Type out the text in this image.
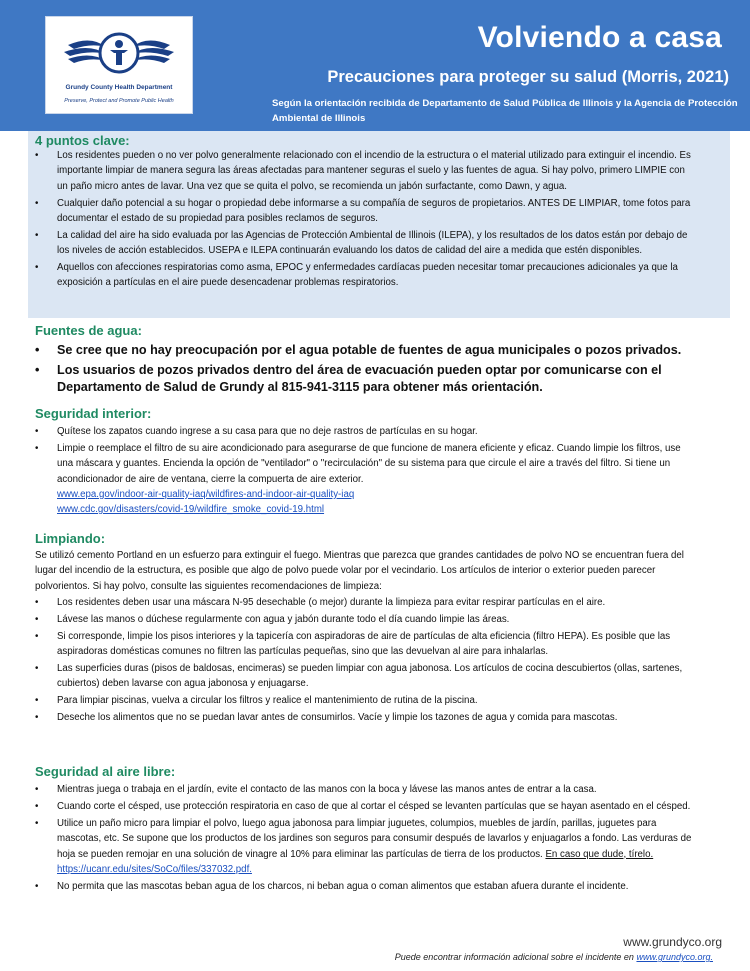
Grundy County Health Department
Preserve, Protect and Promote Public Health
Volviendo a casa
Precauciones para proteger su salud (Morris, 2021)
Según la orientación recibida de Departamento de Salud Pública de Illinois y la Agencia de Protección Ambiental de Illinois
4 puntos clave:
• Los residentes pueden o no ver polvo generalmente relacionado con el incendio de la estructura o el material utilizado para extinguir el incendio. Es importante limpiar de manera segura las áreas afectadas para mantener seguras el suelo y las fuentes de agua. Si hay polvo, primero LIMPIE con un paño micro antes de lavar. Una vez que se quita el polvo, se recomienda un jabón surfactante, como Dawn, y agua.
• Cualquier daño potencial a su hogar o propiedad debe informarse a su compañía de seguros de propietarios. ANTES DE LIMPIAR, tome fotos para documentar el estado de su propiedad para posibles reclamos de seguros.
• La calidad del aire ha sido evaluada por las Agencias de Protección Ambiental de Illinois (ILEPA), y los resultados de los datos están por debajo de los niveles de acción establecidos. USEPA e ILEPA continuarán evaluando los datos de calidad del aire a medida que estén disponibles.
• Aquellos con afecciones respiratorias como asma, EPOC y enfermedades cardíacas pueden necesitar tomar precauciones adicionales ya que la exposición a partículas en el aire puede desencadenar problemas respiratorios.
Fuentes de agua:
• Se cree que no hay preocupación por el agua potable de fuentes de agua municipales o pozos privados.
• Los usuarios de pozos privados dentro del área de evacuación pueden optar por comunicarse con el Departamento de Salud de Grundy al 815-941-3115 para obtener más orientación.
Seguridad interior:
• Quítese los zapatos cuando ingrese a su casa para que no deje rastros de partículas en su hogar.
• Limpie o reemplace el filtro de su aire acondicionado para asegurarse de que funcione de manera eficiente y eficaz. Cuando limpie los filtros, use una máscara y guantes. Encienda la opción de "ventilador" o "recirculación" de su sistema para que circule el aire a través del filtro. Si tiene un acondicionador de aire de ventana, cierre la compuerta de aire exterior.
www.epa.gov/indoor-air-quality-iaq/wildfires-and-indoor-air-quality-iaq
www.cdc.gov/disasters/covid-19/wildfire_smoke_covid-19.html
Limpiando:

Se utilizó cemento Portland en un esfuerzo para extinguir el fuego. Mientras que parezca que grandes cantidades de polvo NO se encuentran fuera del lugar del incendio de la estructura, es posible que algo de polvo puede volar por el vecindario. Los artículos de interior o exterior pueden parecer polvorientos. Si hay polvo, consulte las siguientes recomendaciones de limpieza:

• Los residentes deben usar una máscara N-95 desechable (o mejor) durante la limpieza para evitar respirar partículas en el aire.
• Lávese las manos o dúchese regularmente con agua y jabón durante todo el día cuando limpie las áreas.
• Si corresponde, limpie los pisos interiores y la tapicería con aspiradoras de aire de partículas de alta eficiencia (filtro HEPA). Es posible que las aspiradoras domésticas comunes no filtren las partículas pequeñas, sino que las devuelvan al aire para inhalarlas.
• Las superficies duras (pisos de baldosas, encimeras) se pueden limpiar con agua jabonosa. Los artículos de cocina descubiertos (ollas, sartenes, cubiertos) deben lavarse con agua jabonosa y enjuagarse.
• Para limpiar piscinas, vuelva a circular los filtros y realice el mantenimiento de rutina de la piscina.
• Deseche los alimentos que no se puedan lavar antes de consumirlos. Vacíe y limpie los tazones de agua y comida para mascotas.
Seguridad al aire libre:
• Mientras juega o trabaja en el jardín, evite el contacto de las manos con la boca y lávese las manos antes de entrar a la casa.
• Cuando corte el césped, use protección respiratoria en caso de que al cortar el césped se levanten partículas que se hayan asentado en el césped.
• Utilice un paño micro para limpiar el polvo, luego agua jabonosa para limpiar juguetes, columpios, muebles de jardín, parillas, juguetes para mascotas, etc. Se supone que los productos de los jardines son seguros para consumir después de lavarlos y enjuagarlos a fondo. Las verduras de hoja se pueden remojar en una solución de vinagre al 10% para eliminar las partículas de tierra de los productos. En caso que dude, tírelo.
https://ucanr.edu/sites/SoCo/files/337032.pdf.
• No permita que las mascotas beban agua de los charcos, ni beban agua o coman alimentos que estaban afuera durante el incidente.
www.grundyco.org
Puede encontrar información adicional sobre el incidente en www.grundyco.org.
